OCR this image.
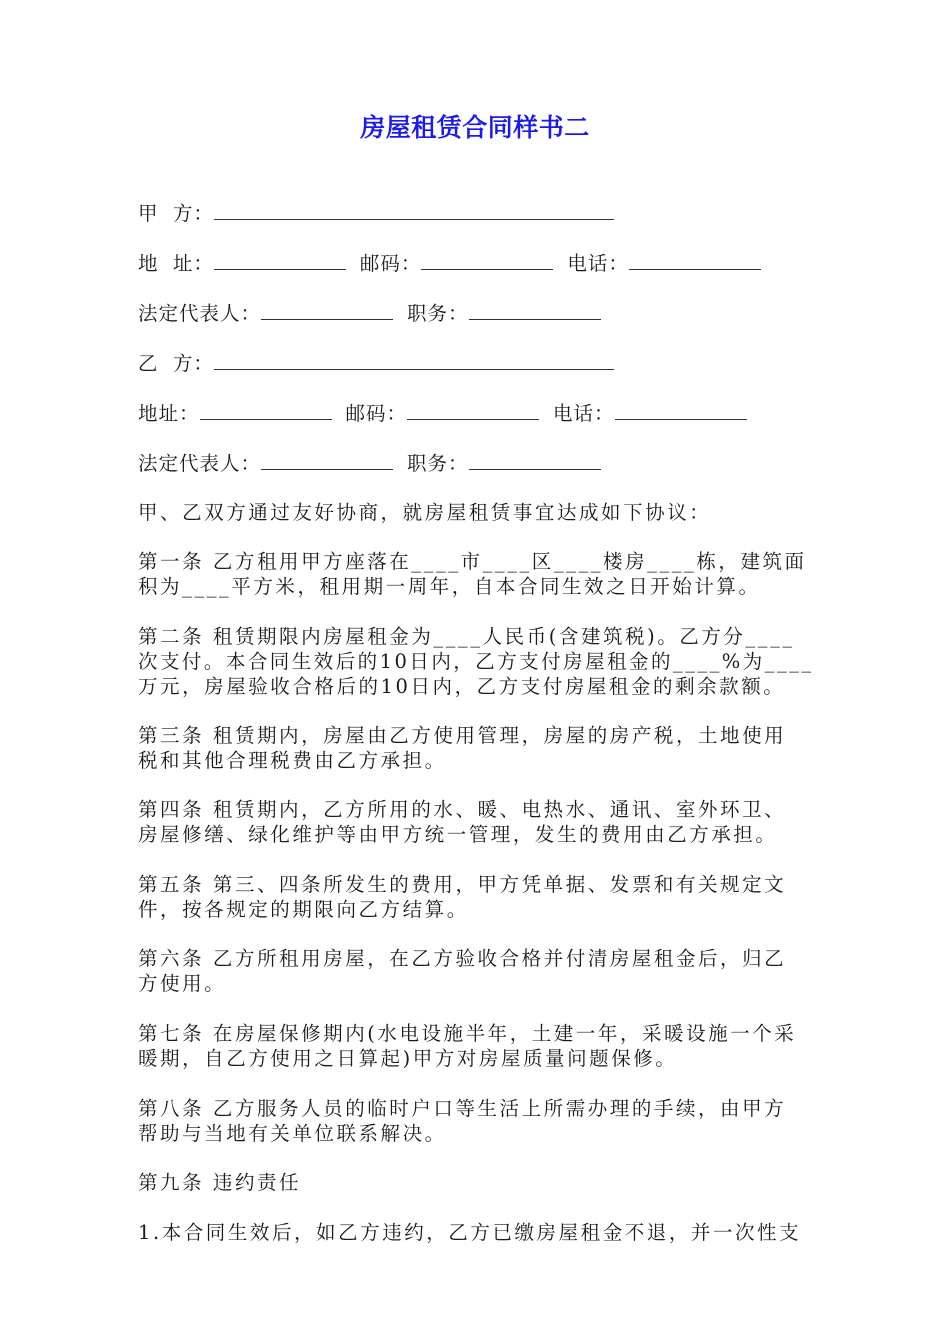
房屋租赁合同样书二
甲  方：
地  址：	邮码：	电话：
法定代表人：	职务：
乙  方：
地址：	邮码：	电话：
法定代表人：	职务：
甲、乙双方通过友好协商，就房屋租赁事宜达成如下协议：
第一条 乙方租用甲方座落在____市____区____楼房____栋，建筑面
积为____平方米，租用期一周年，自本合同生效之日开始计算。
第二条 租赁期限内房屋租金为____人民币(含建筑税)。乙方分____
次支付。本合同生效后的10日内，乙方支付房屋租金的____%为____
万元，房屋验收合格后的10日内，乙方支付房屋租金的剩余款额。
第三条 租赁期内，房屋由乙方使用管理，房屋的房产税，土地使用
税和其他合理税费由乙方承担。
第四条 租赁期内，乙方所用的水、暖、电热水、通讯、室外环卫、
房屋修缮、绿化维护等由甲方统一管理，发生的费用由乙方承担。
第五条 第三、四条所发生的费用，甲方凭单据、发票和有关规定文
件，按各规定的期限向乙方结算。
第六条 乙方所租用房屋，在乙方验收合格并付清房屋租金后，归乙
方使用。
第七条 在房屋保修期内(水电设施半年，土建一年，采暖设施一个采
暖期，自乙方使用之日算起)甲方对房屋质量问题保修。
第八条 乙方服务人员的临时户口等生活上所需办理的手续，由甲方
帮助与当地有关单位联系解决。
第九条 违约责任
1.本合同生效后，如乙方违约，乙方已缴房屋租金不退，并一次性支
